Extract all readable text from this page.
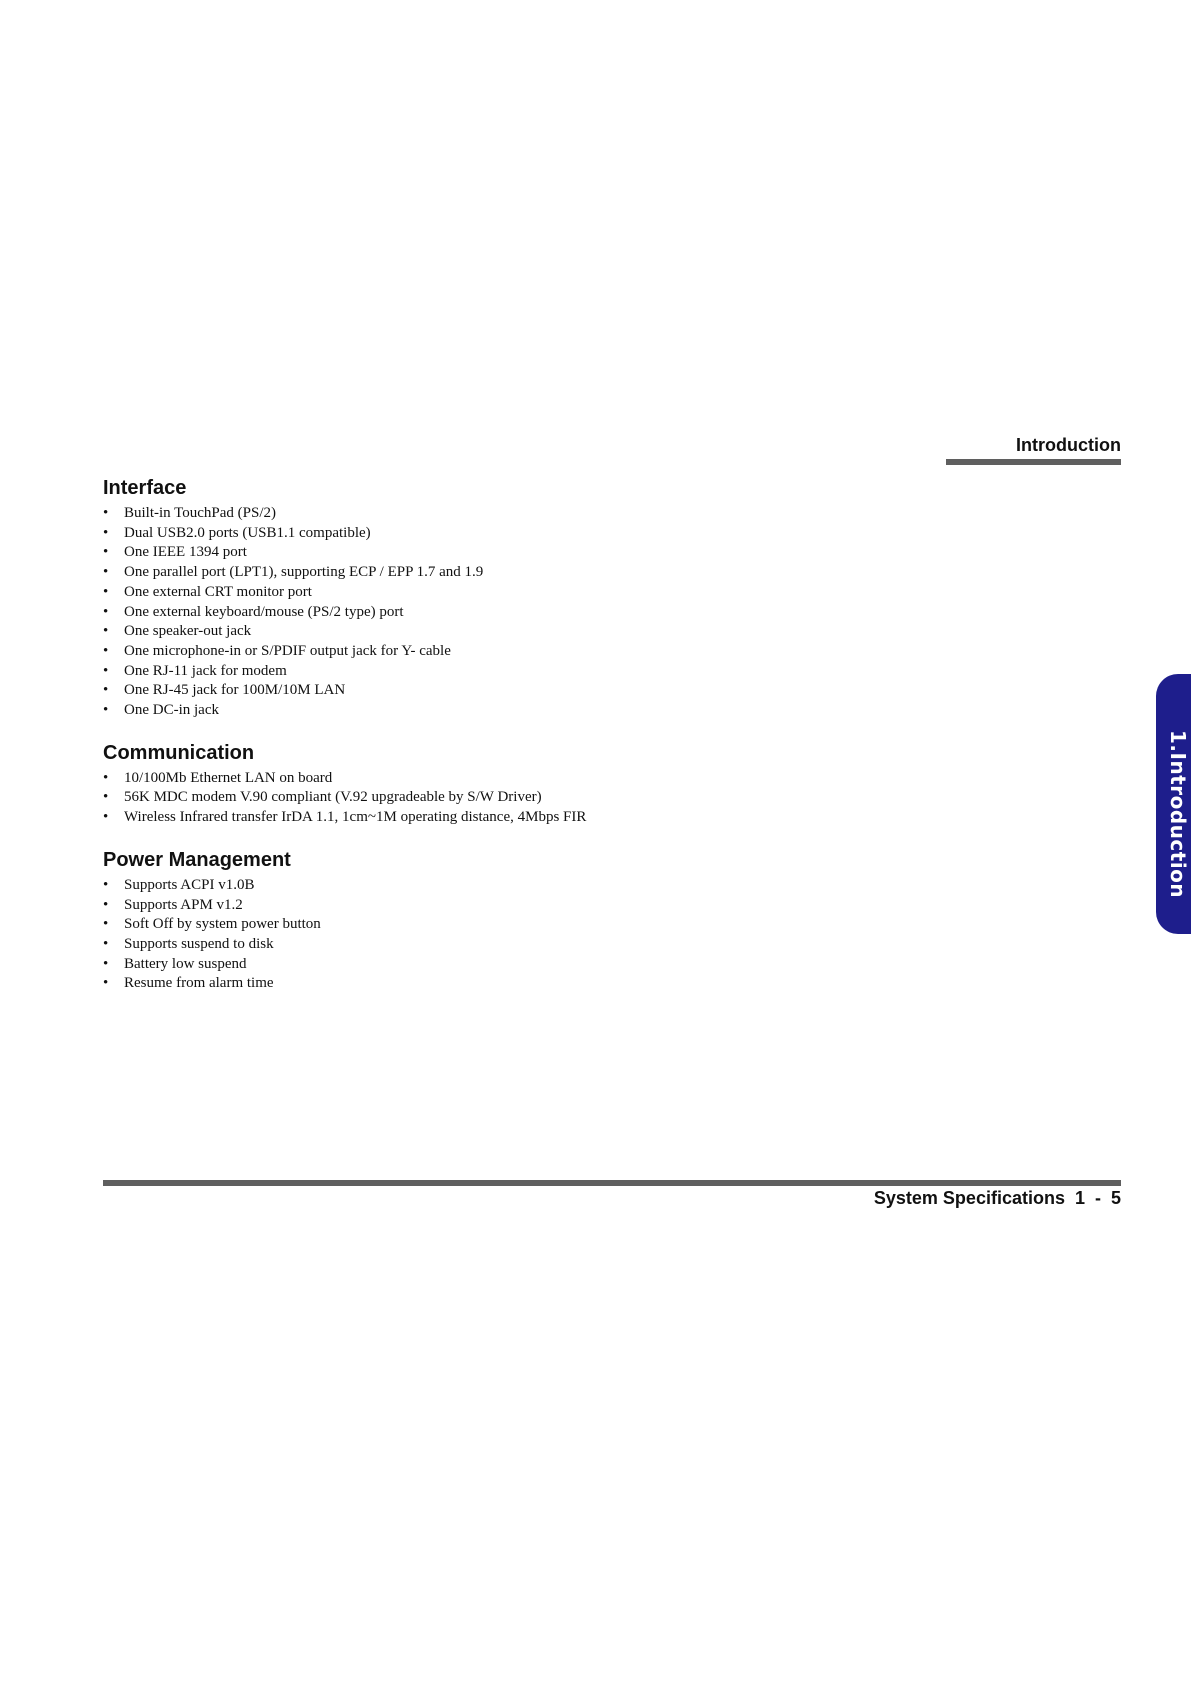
Introduction
Interface
• Built-in TouchPad (PS/2)
• Dual USB2.0 ports (USB1.1 compatible)
• One IEEE 1394 port
• One parallel port (LPT1), supporting ECP / EPP 1.7 and 1.9
• One external CRT monitor port
• One external keyboard/mouse (PS/2 type) port
• One speaker-out jack
• One microphone-in or S/PDIF output jack for Y- cable
• One RJ-11 jack for modem
• One RJ-45 jack for 100M/10M LAN
• One DC-in jack
Communication
• 10/100Mb Ethernet LAN on board
• 56K MDC modem V.90 compliant (V.92 upgradeable by S/W Driver)
• Wireless Infrared transfer IrDA 1.1, 1cm~1M operating distance, 4Mbps FIR
Power Management
• Supports ACPI v1.0B
• Supports APM v1.2
• Soft Off by system power button
• Supports suspend to disk
• Battery low suspend
• Resume from alarm time
1.Introduction
System Specifications  1  -  5
